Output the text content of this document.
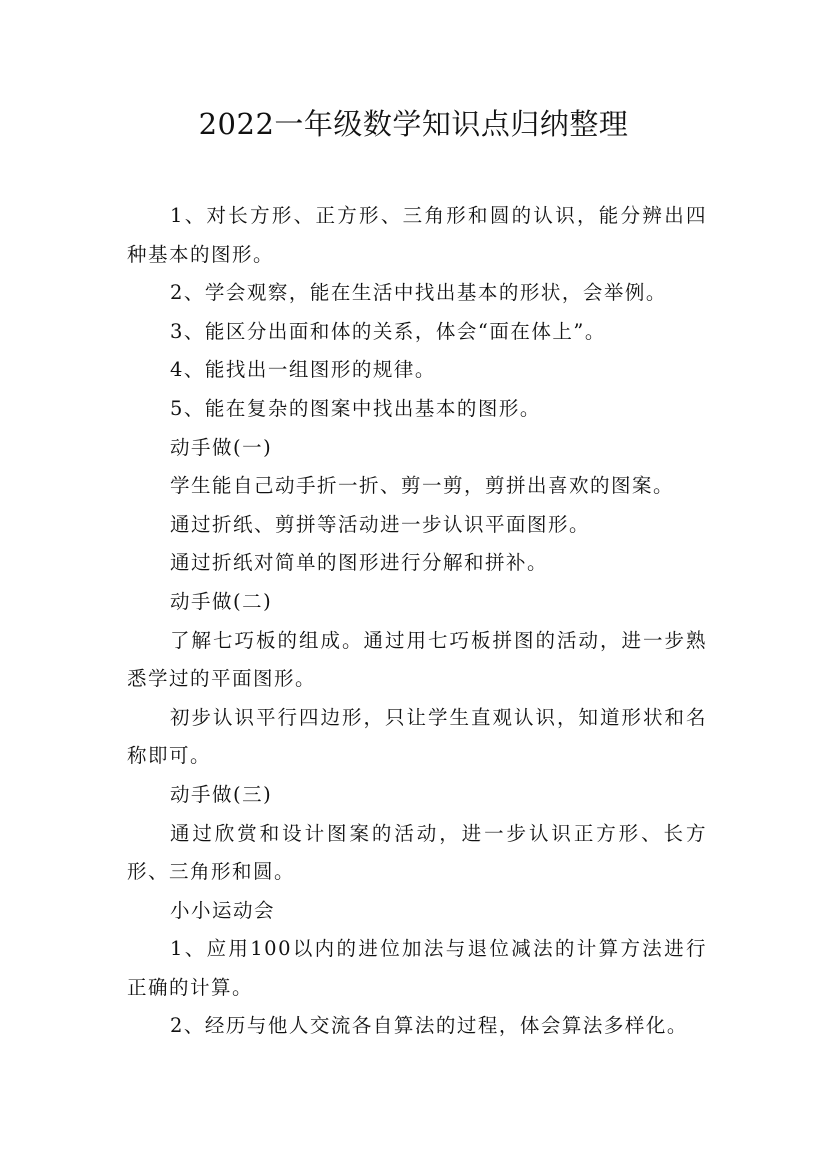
2022一年级数学知识点归纳整理

1、对长方形、正方形、三角形和圆的认识，能分辨出四种基本的图形。

2、学会观察，能在生活中找出基本的形状，会举例。

3、能区分出面和体的关系，体会“面在体上”。

4、能找出一组图形的规律。

5、能在复杂的图案中找出基本的图形。

动手做(一)

学生能自己动手折一折、剪一剪，剪拼出喜欢的图案。

通过折纸、剪拼等活动进一步认识平面图形。

通过折纸对简单的图形进行分解和拼补。

动手做(二)

了解七巧板的组成。通过用七巧板拼图的活动，进一步熟悉学过的平面图形。

初步认识平行四边形，只让学生直观认识，知道形状和名称即可。

动手做(三)

通过欣赏和设计图案的活动，进一步认识正方形、长方形、三角形和圆。

小小运动会

1、应用100以内的进位加法与退位减法的计算方法进行正确的计算。

2、经历与他人交流各自算法的过程，体会算法多样化。
